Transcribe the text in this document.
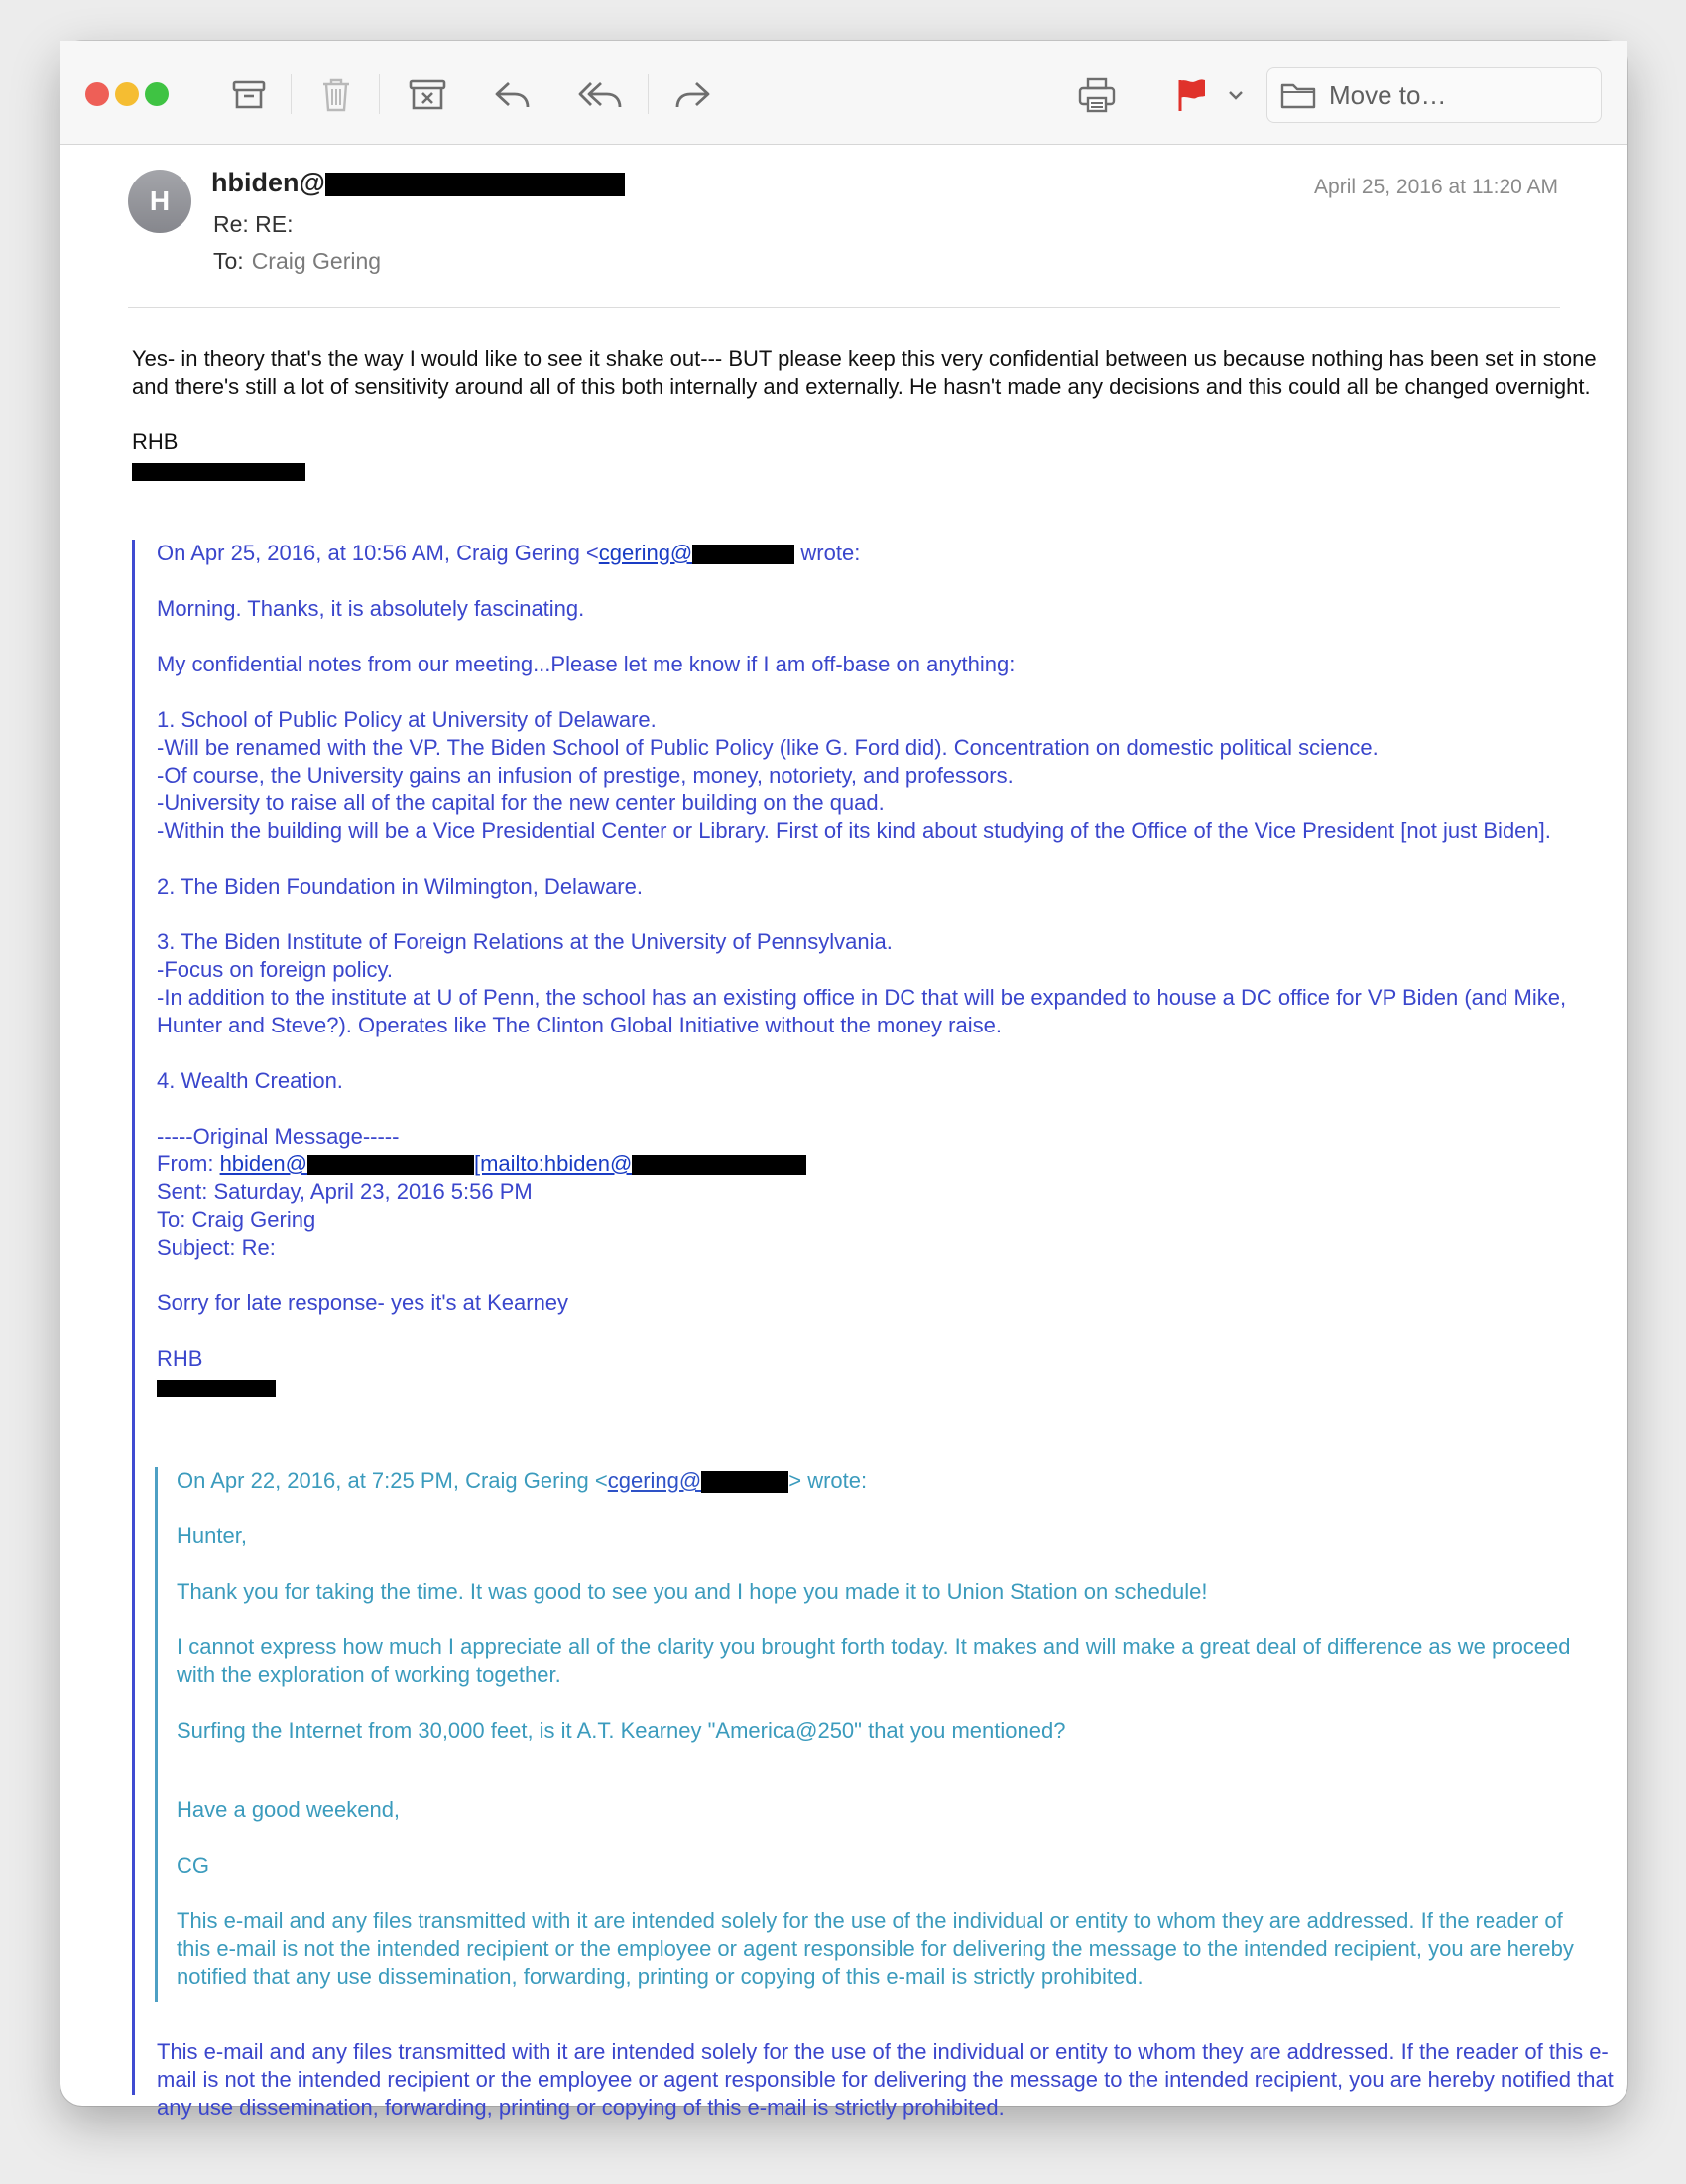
Move to…
H
hbiden@
Re: RE:
To: Craig Gering
April 25, 2016 at 11:20 AM

Yes- in theory that's the way I would like to see it shake out--- BUT please keep this very confidential between us because nothing has been set in stone and there's still a lot of sensitivity around all of this both internally and externally. He hasn't made any decisions and this could all be changed overnight.

RHB

On Apr 25, 2016, at 10:56 AM, Craig Gering <cgering@	wrote:

Morning. Thanks, it is absolutely fascinating.

My confidential notes from our meeting...Please let me know if I am off-base on anything:

1. School of Public Policy at University of Delaware.

-Will be renamed with the VP. The Biden School of Public Policy (like G. Ford did). Concentration on domestic political science.

-Of course, the University gains an infusion of prestige, money, notoriety, and professors.

-University to raise all of the capital for the new center building on the quad.

-Within the building will be a Vice Presidential Center or Library. First of its kind about studying of the Office of the Vice President [not just Biden].

2. The Biden Foundation in Wilmington, Delaware.

3. The Biden Institute of Foreign Relations at the University of Pennsylvania.

-Focus on foreign policy.

-In addition to the institute at U of Penn, the school has an existing office in DC that will be expanded to house a DC office for VP Biden (and Mike, Hunter and Steve?). Operates like The Clinton Global Initiative without the money raise.

4. Wealth Creation.

-----Original Message-----

From: hbiden@	[mailto:hbiden@

Sent: Saturday, April 23, 2016 5:56 PM

To: Craig Gering

Subject: Re:

Sorry for late response- yes it's at Kearney

RHB

On Apr 22, 2016, at 7:25 PM, Craig Gering <cgering@	> wrote:

Hunter,

Thank you for taking the time. It was good to see you and I hope you made it to Union Station on schedule!

I cannot express how much I appreciate all of the clarity you brought forth today. It makes and will make a great deal of difference as we proceed with the exploration of working together.

Surfing the Internet from 30,000 feet, is it A.T. Kearney "America@250" that you mentioned?

Have a good weekend,

CG

This e-mail and any files transmitted with it are intended solely for the use of the individual or entity to whom they are addressed. If the reader of this e-mail is not the intended recipient or the employee or agent responsible for delivering the message to the intended recipient, you are hereby notified that any use dissemination, forwarding, printing or copying of this e-mail is strictly prohibited.

This e-mail and any files transmitted with it are intended solely for the use of the individual or entity to whom they are addressed. If the reader of this e-mail is not the intended recipient or the employee or agent responsible for delivering the message to the intended recipient, you are hereby notified that any use dissemination, forwarding, printing or copying of this e-mail is strictly prohibited.
